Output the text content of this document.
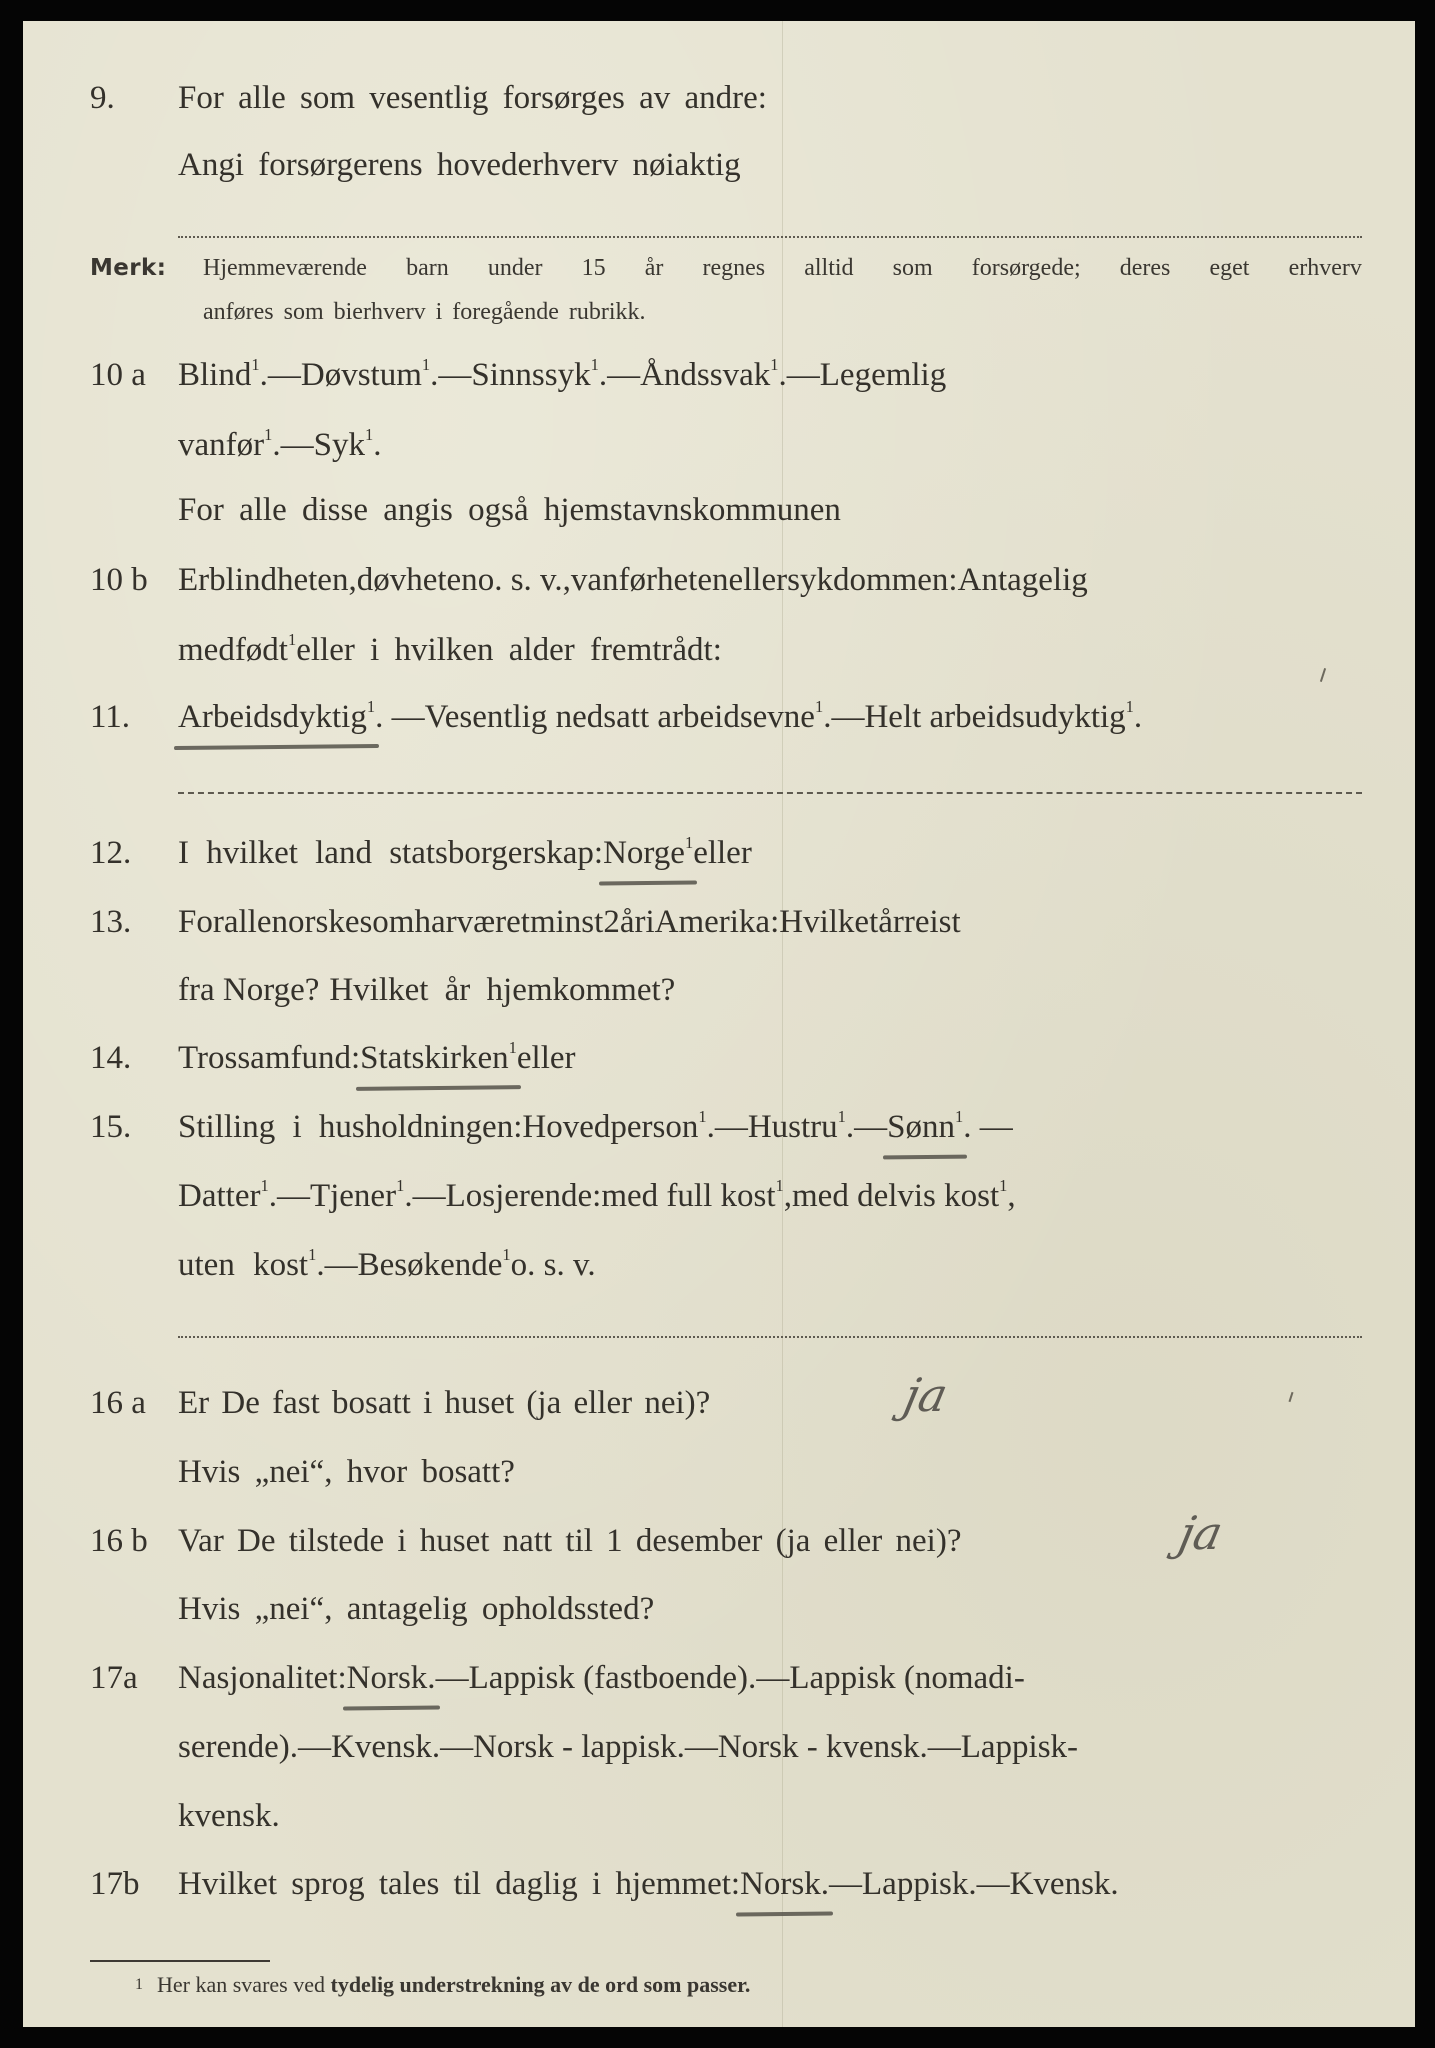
9. For alle som vesentlig forsørges av andre:
Angi forsørgerens hovederhverv nøiaktig
Merk: Hjemmeværende barn under 15 år regnes alltid som forsørgede; deres eget erhverv
anføres som bierhverv i foregående rubrikk.
10 a Blind$^1$. — Døvstum$^1$. — Sinnssyk$^1$. — Åndssvak$^1$. — Legemlig
vanfør$^1$. — Syk$^1$.
For alle disse angis også hjemstavnskommunen
10 b Er blindheten, døvheten o. s. v., vanførheten eller sykdommen: Antagelig
medfødt$^1$ eller i hvilken alder fremtrådt:
11. Arbeidsdyktig$^1$ . — Vesentlig nedsatt arbeidsevne$^1$. — Helt arbeidsudyktig$^1$.
12. I hvilket land statsborgerskap: Norge$^1$ eller
13. For alle norske som har været minst 2 år i Amerika: Hvilket år reist
fra Norge? Hvilket år hjemkommet?
14. Trossamfund: Statskirken$^1$ eller
15. Stilling i husholdningen: Hovedperson$^1$. — Hustru$^1$. — Sønn$^1$ . —
Datter$^1$. — Tjener$^1$. — Losjerende: med full kost$^1$, med delvis kost$^1$,
uten kost$^1$. — Besøkende$^1$ o. s. v.
16 a Er De fast bosatt i huset (ja eller nei)?	ja
Hvis „nei“, hvor bosatt?
16 b Var De tilstede i huset natt til 1 desember (ja eller nei)?	ja
Hvis „nei“, antagelig opholdssted?
17a Nasjonalitet: Norsk. — Lappisk (fastboende). — Lappisk (nomadi-
serende). — Kvensk. — Norsk - lappisk. — Norsk - kvensk. — Lappisk-
kvensk.
17b Hvilket sprog tales til daglig i hjemmet: Norsk. — Lappisk. — Kvensk.
1 Her kan svares ved tydelig understrekning av de ord som passer.
